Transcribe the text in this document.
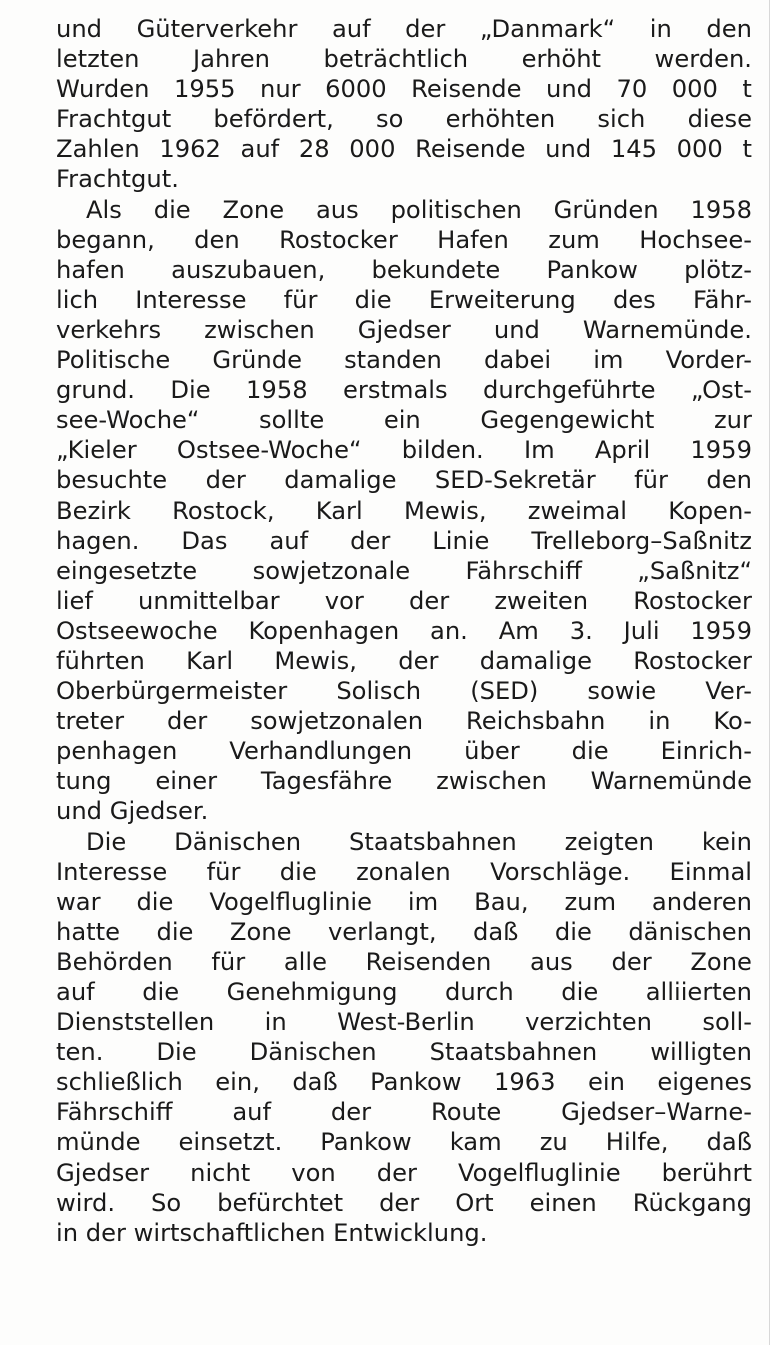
und Güterverkehr auf der „Danmark“ in den
letzten Jahren beträchtlich erhöht werden.
Wurden 1955 nur 6000 Reisende und 70 000 t
Frachtgut befördert, so erhöhten sich diese
Zahlen 1962 auf 28 000 Reisende und 145 000 t
Frachtgut.
Als die Zone aus politischen Gründen 1958
begann, den Rostocker Hafen zum Hochsee-
hafen auszubauen, bekundete Pankow plötz-
lich Interesse für die Erweiterung des Fähr-
verkehrs zwischen Gjedser und Warnemünde.
Politische Gründe standen dabei im Vorder-
grund. Die 1958 erstmals durchgeführte „Ost-
see-Woche“ sollte ein Gegengewicht zur
„Kieler Ostsee-Woche“ bilden. Im April 1959
besuchte der damalige SED-Sekretär für den
Bezirk Rostock, Karl Mewis, zweimal Kopen-
hagen. Das auf der Linie Trelleborg–Saßnitz
eingesetzte sowjetzonale Fährschiff „Saßnitz“
lief unmittelbar vor der zweiten Rostocker
Ostseewoche Kopenhagen an. Am 3. Juli 1959
führten Karl Mewis, der damalige Rostocker
Oberbürgermeister Solisch (SED) sowie Ver-
treter der sowjetzonalen Reichsbahn in Ko-
penhagen Verhandlungen über die Einrich-
tung einer Tagesfähre zwischen Warnemünde
und Gjedser.
Die Dänischen Staatsbahnen zeigten kein
Interesse für die zonalen Vorschläge. Einmal
war die Vogelfluglinie im Bau, zum anderen
hatte die Zone verlangt, daß die dänischen
Behörden für alle Reisenden aus der Zone
auf die Genehmigung durch die alliierten
Dienststellen in West-Berlin verzichten soll-
ten. Die Dänischen Staatsbahnen willigten
schließlich ein, daß Pankow 1963 ein eigenes
Fährschiff auf der Route Gjedser–Warne-
münde einsetzt. Pankow kam zu Hilfe, daß
Gjedser nicht von der Vogelfluglinie berührt
wird. So befürchtet der Ort einen Rückgang
in der wirtschaftlichen Entwicklung.
